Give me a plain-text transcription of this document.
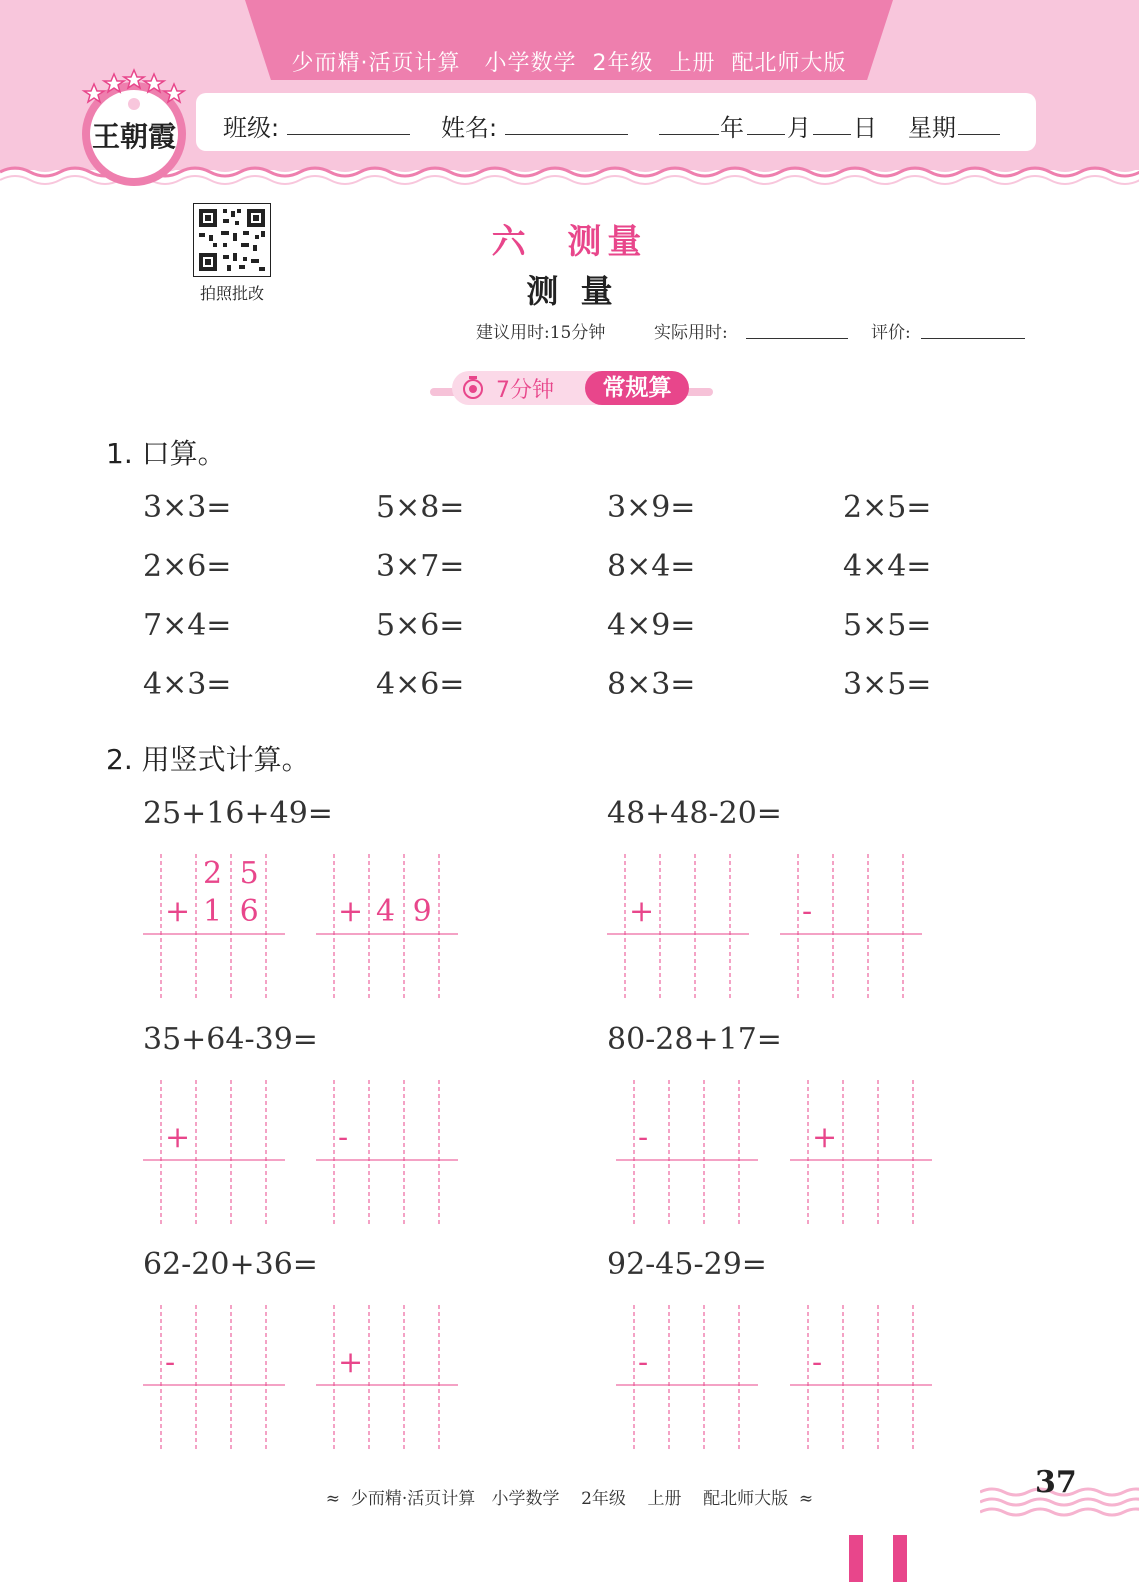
少而精·活页计算   小学数学  2年级  上册  配北师大版
王朝霞	班级:	姓名:	年 月 日 星期
拍照批改
六  测量
测  量
建议用时:15分钟	实际用时:	评价:
7分钟	常规算
1. 口算。
3×3=	5×8=	3×9=	2×5=
2×6=	3×7=	8×4=	4×4=
7×4=	5×6=	4×9=	5×5=
4×3=	4×6=	8×3=	3×5=
2. 用竖式计算。
25+16+49=
2 5
+ 1 6	+ 4 9
48+48-20=
+	-
35+64-39=
+	-
80-28+17=
-	+
62-20+36=
-	+
92-45-29=
-	-
≈  少而精·活页计算   小学数学    2年级    上册    配北师大版  ≈	37
